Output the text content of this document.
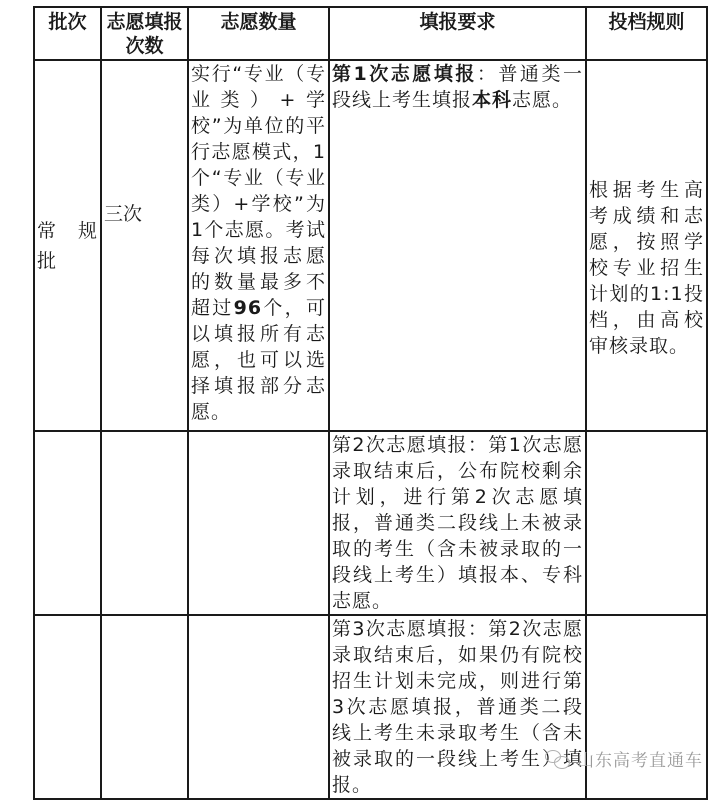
批次	志愿填报次数	志愿数量	填报要求	投档规则

常 规
批	三次	实行“专业（专业类）+学校”为单位的平行志愿模式，1个“专业（专业类）+学校”为1个志愿。考试每次填报志愿的数量最多不超过96个，可以填报所有志愿，也可以选择填报部分志愿。	第1次志愿填报：普通类一段线上考生填报本科志愿。	根据考生高考成绩和志愿，按照学校专业招生计划的1:1投档，由高校审核录取。

			第2次志愿填报：第1次志愿录取结束后，公布院校剩余计划，进行第2次志愿填报，普通类二段线上未被录取的考生（含未被录取的一段线上考生）填报本、专科志愿。	

			第3次志愿填报：第2次志愿录取结束后，如果仍有院校招生计划未完成，则进行第3次志愿填报，普通类二段线上考生未录取考生（含未被录取的一段线上考生）填报。	

山东高考直通车
